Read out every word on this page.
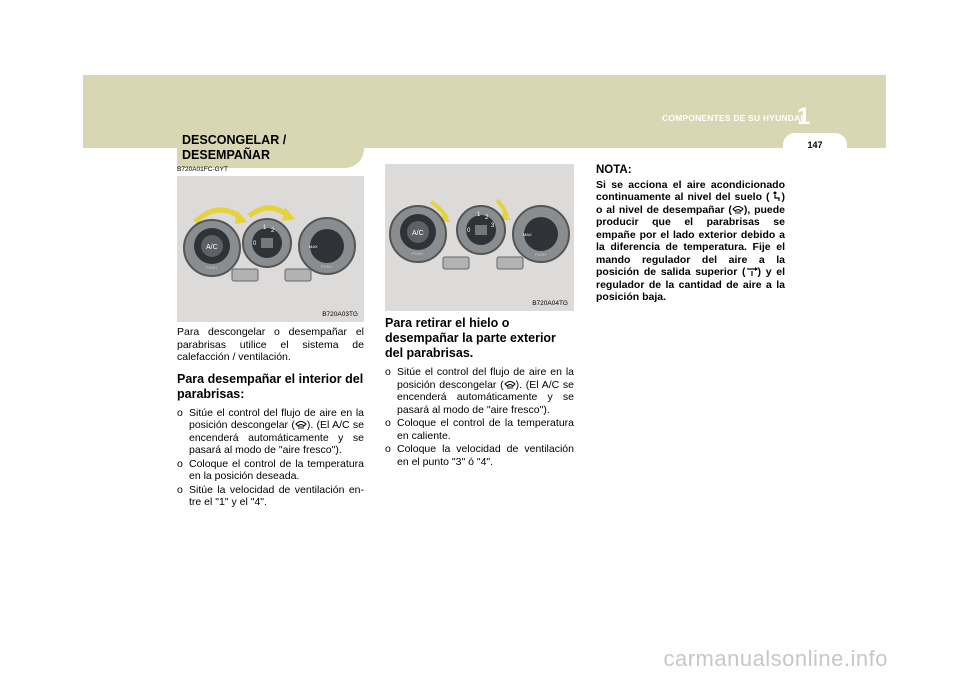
COMPONENTES DE SU HYUNDAI
1
147
DESCONGELAR /
DESEMPAÑAR
B720A01FC-GYT
A/C
PUSH
1 2
0	MAX
PUSH
B720A03TG
A/C
PUSH
1 2
3
0
MAX
PUSH
B720A04TG

Para descongelar o desempañar el parabrisas utilice el sistema de calefacción / ventilación.

Para desempañar el interior del parabrisas:
o Sitúe el control del flujo de aire en la posición descongelar ( ). (El A/C se encenderá automáticamente y se pasará al modo de "aire fresco").
o Coloque el control de la temperatura en la posición deseada.
o Sitúe la velocidad de ventilación en-tre el "1" y el "4".
Para retirar el hielo o desempañar la parte exterior del parabrisas.
o Sitúe el control del flujo de aire en la posición descongelar ( ). (El A/C se encenderá automáticamente y se pasará al modo de "aire fresco").
o Coloque el control de la temperatura en caliente.
o Coloque la velocidad de ventilación en el punto "3" ó "4".
NOTA:

Si se acciona el aire acondicionado continuamente al nivel del suelo ( ) o al nivel de desempañar ( ), puede producir que el parabrisas se empañe por el lado exterior debido a la diferencia de temperatura. Fije el mando regulador del aire a la posición de salida superior ( ) y el regulador de la cantidad de aire a la posición baja.

carmanualsonline.info
